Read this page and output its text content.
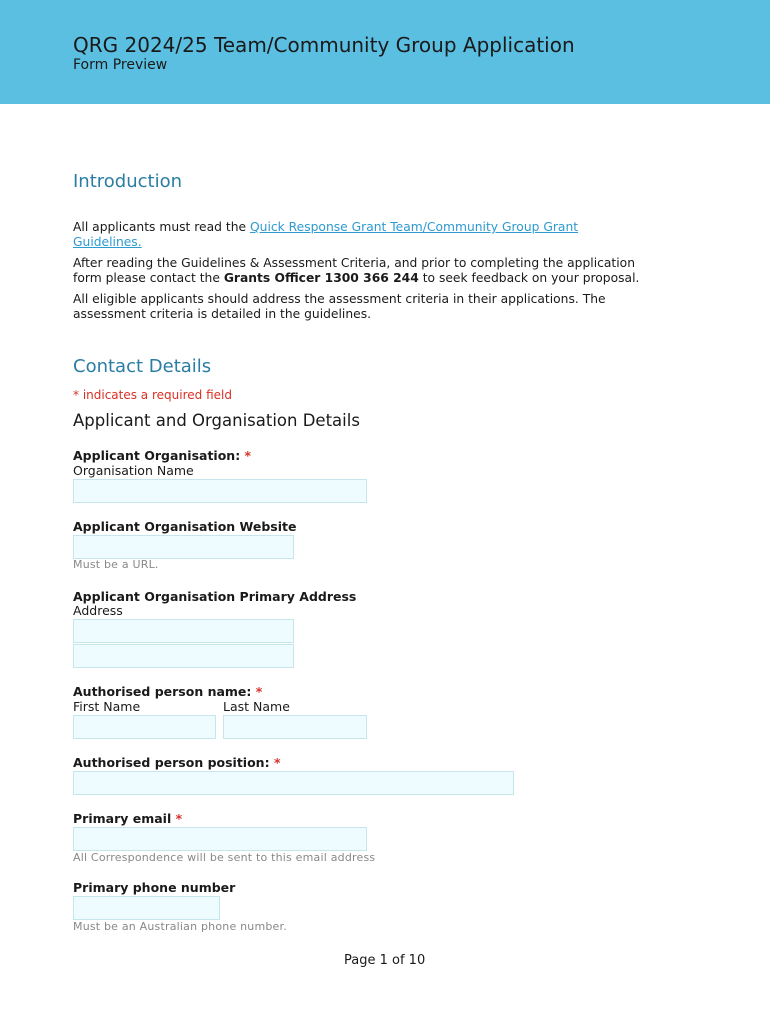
QRG 2024/25 Team/Community Group Application
Form Preview
Introduction
All applicants must read the Quick Response Grant Team/Community Group Grant
Guidelines.
After reading the Guidelines & Assessment Criteria, and prior to completing the application
form please contact the Grants Officer 1300 366 244 to seek feedback on your proposal.
All eligible applicants should address the assessment criteria in their applications. The
assessment criteria is detailed in the guidelines.
Contact Details
* indicates a required field
Applicant and Organisation Details
Applicant Organisation: *
Organisation Name
Applicant Organisation Website
Must be a URL.
Applicant Organisation Primary Address
Address
Authorised person name: *
First Name	Last Name
Authorised person position: *
Primary email *
All Correspondence will be sent to this email address
Primary phone number
Must be an Australian phone number.
Page 1 of 10
